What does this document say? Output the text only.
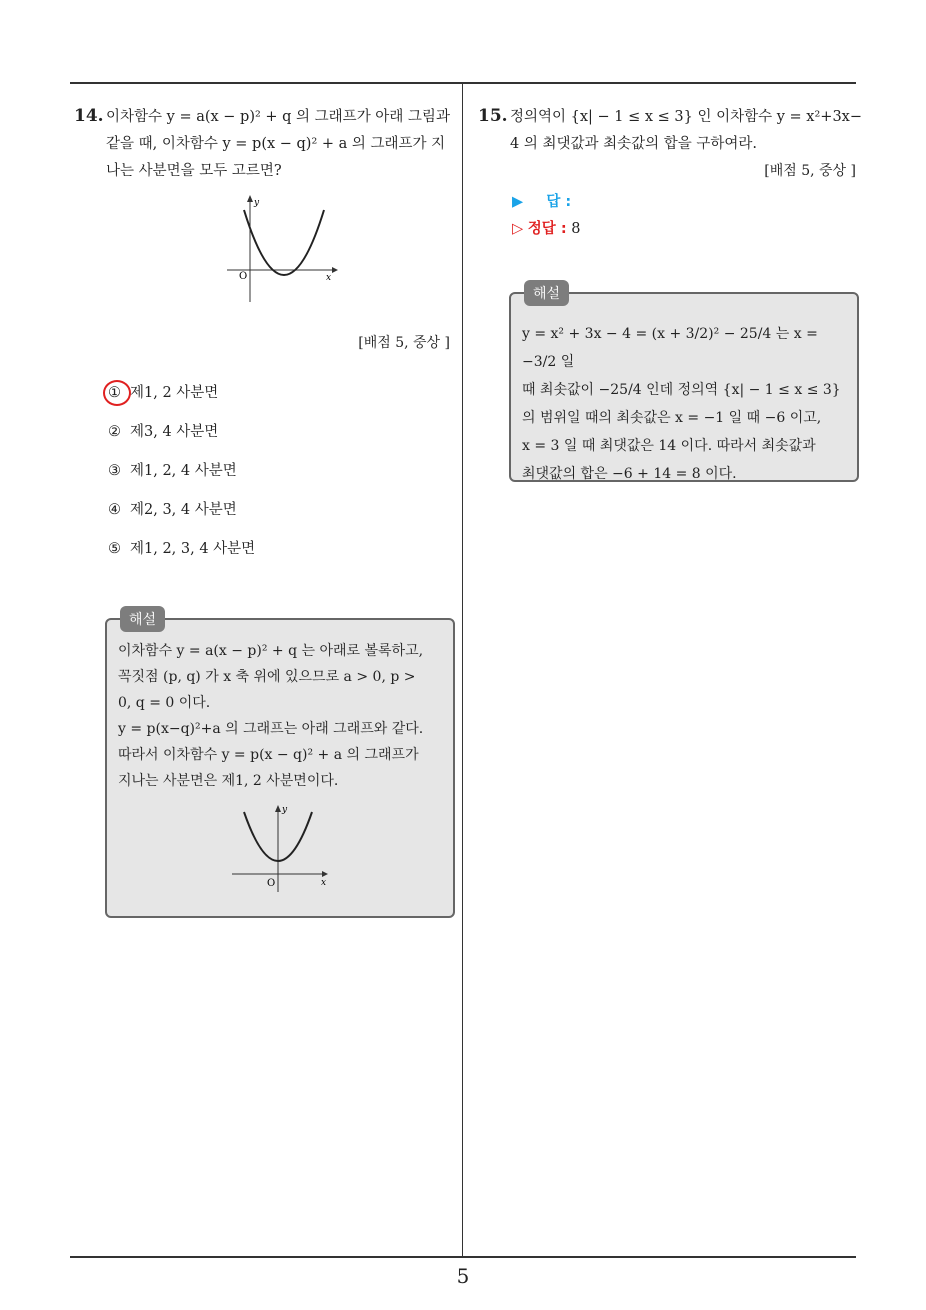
14. 이차함수 y = a(x − p)² + q 의 그래프가 아래 그림과
같을 때, 이차함수 y = p(x − q)² + a 의 그래프가 지
나는 사분면을 모두 고르면?
O	x
y
[배점 5, 중상 ]
① 제1, 2 사분면
② 제3, 4 사분면
③ 제1, 2, 4 사분면
④ 제2, 3, 4 사분면
⑤ 제1, 2, 3, 4 사분면
해설
이차함수 y = a(x − p)² + q 는 아래로 볼록하고,
꼭짓점 (p, q) 가 x 축 위에 있으므로 a > 0, p >
0, q = 0 이다.
y = p(x−q)²+a 의 그래프는 아래 그래프와 같다.
따라서 이차함수 y = p(x − q)² + a 의 그래프가
지나는 사분면은 제1, 2 사분면이다.
O	x
y
15. 정의역이 {x| − 1 ≤ x ≤ 3} 인 이차함수 y = x²+3x−
4 의 최댓값과 최솟값의 합을 구하여라.
[배점 5, 중상 ]
▶ 답 :
▷ 정답 : 8
해설
y = x² + 3x − 4 = (x + 3/2)² − 25/4 는 x = −3/2 일
때 최솟값이 −25/4 인데 정의역 {x| − 1 ≤ x ≤ 3}
의 범위일 때의 최솟값은 x = −1 일 때 −6 이고,
x = 3 일 때 최댓값은 14 이다. 따라서 최솟값과
최댓값의 합은 −6 + 14 = 8 이다.
5
